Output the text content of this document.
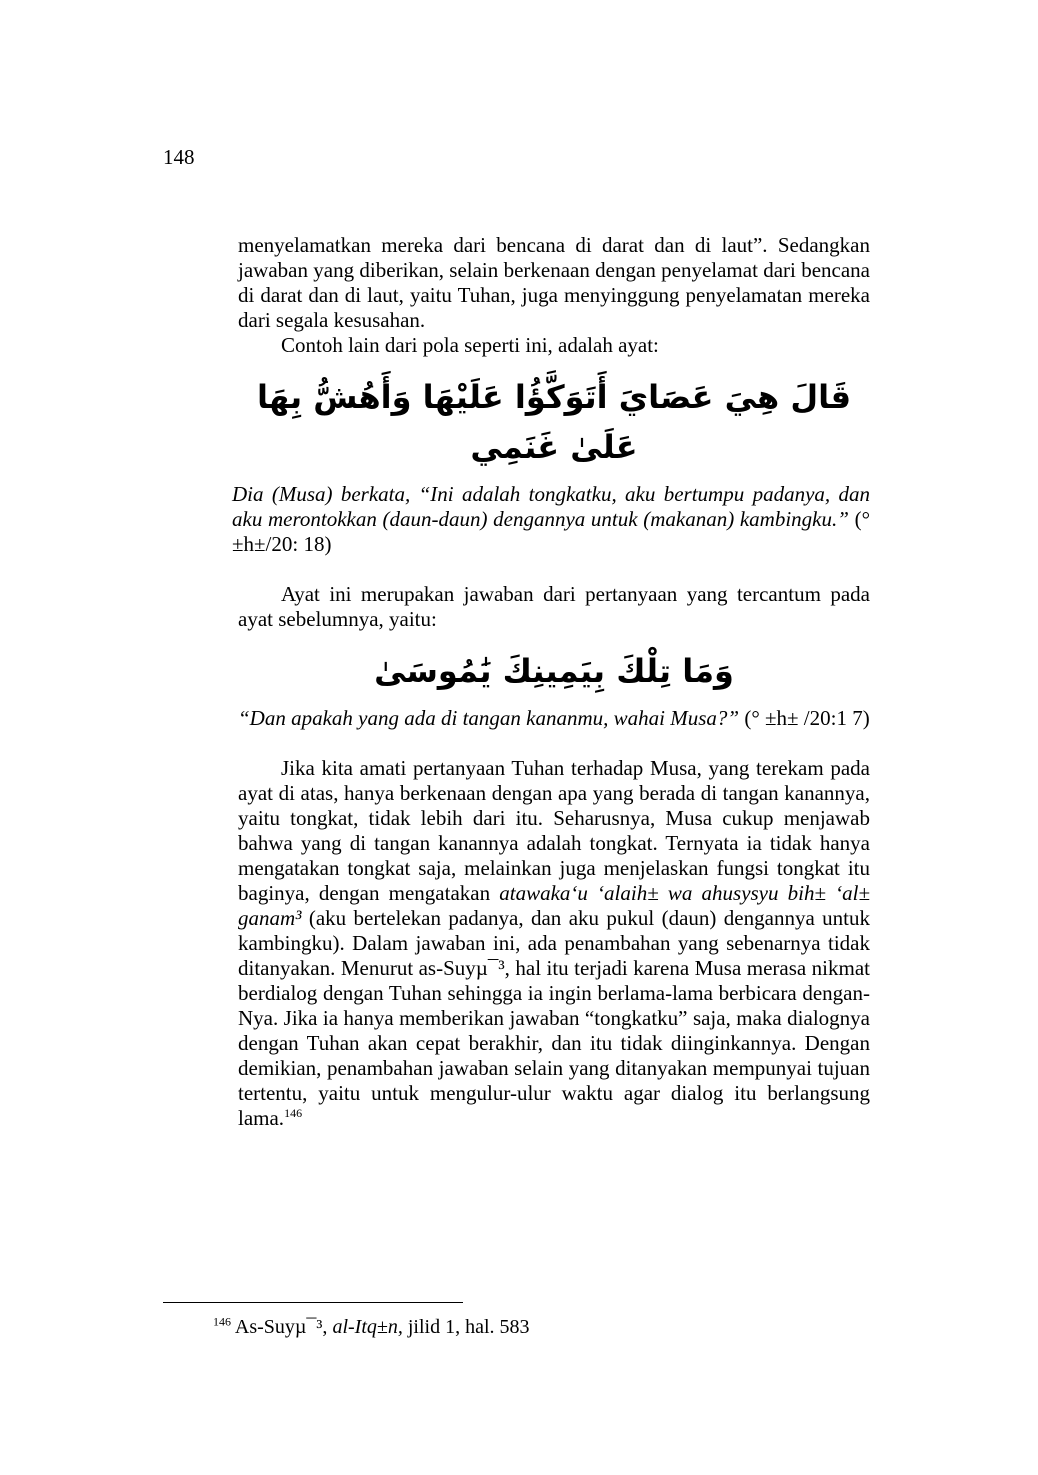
148

menyelamatkan mereka dari bencana di darat dan di laut”. Sedangkan jawaban yang diberikan, selain berkenaan dengan penyelamat dari bencana di darat dan di laut, yaitu Tuhan, juga menyinggung penyelamatan mereka dari segala kesusahan.

Contoh lain dari pola seperti ini, adalah ayat:

قَالَ هِيَ عَصَايَ أَتَوَكَّؤُا عَلَيْهَا وَأَهُشُّ بِهَا عَلَىٰ غَنَمِي

Dia (Musa) berkata, “Ini adalah tongkatku, aku bertumpu padanya, dan aku merontokkan (daun-daun) dengannya untuk (makanan) kambingku.” (° ±h±/20: 18)

Ayat ini merupakan jawaban dari pertanyaan yang tercantum pada ayat sebelumnya, yaitu:

وَمَا تِلْكَ بِيَمِينِكَ يَٰمُوسَىٰ

“Dan apakah yang ada di tangan kananmu, wahai Musa?” (° ±h± /20:1 7)

Jika kita amati pertanyaan Tuhan terhadap Musa, yang terekam pada ayat di atas, hanya berkenaan dengan apa yang berada di tangan kanannya, yaitu tongkat, tidak lebih dari itu. Seharusnya, Musa cukup menjawab bahwa yang di tangan kanannya adalah tongkat. Ternyata ia tidak hanya mengatakan tongkat saja, melainkan juga menjelaskan fungsi tongkat itu baginya, dengan mengatakan atawaka‘u ‘alaih± wa ahusysyu bih± ‘al± ganam³ (aku bertelekan padanya, dan aku pukul (daun) dengannya untuk kambingku). Dalam jawaban ini, ada penambahan yang sebenarnya tidak ditanyakan. Menurut as-Suyµ¯³, hal itu terjadi karena Musa merasa nikmat berdialog dengan Tuhan sehingga ia ingin berlama-lama berbicara dengan-Nya. Jika ia hanya memberikan jawaban “tongkatku” saja, maka dialognya dengan Tuhan akan cepat berakhir, dan itu tidak diinginkannya. Dengan demikian, penambahan jawaban selain yang ditanyakan mempunyai tujuan tertentu, yaitu untuk mengulur-ulur waktu agar dialog itu berlangsung lama.$^{146}$

$^{146}$ As-Suyµ¯³, al-Itq±n, jilid 1, hal. 583
